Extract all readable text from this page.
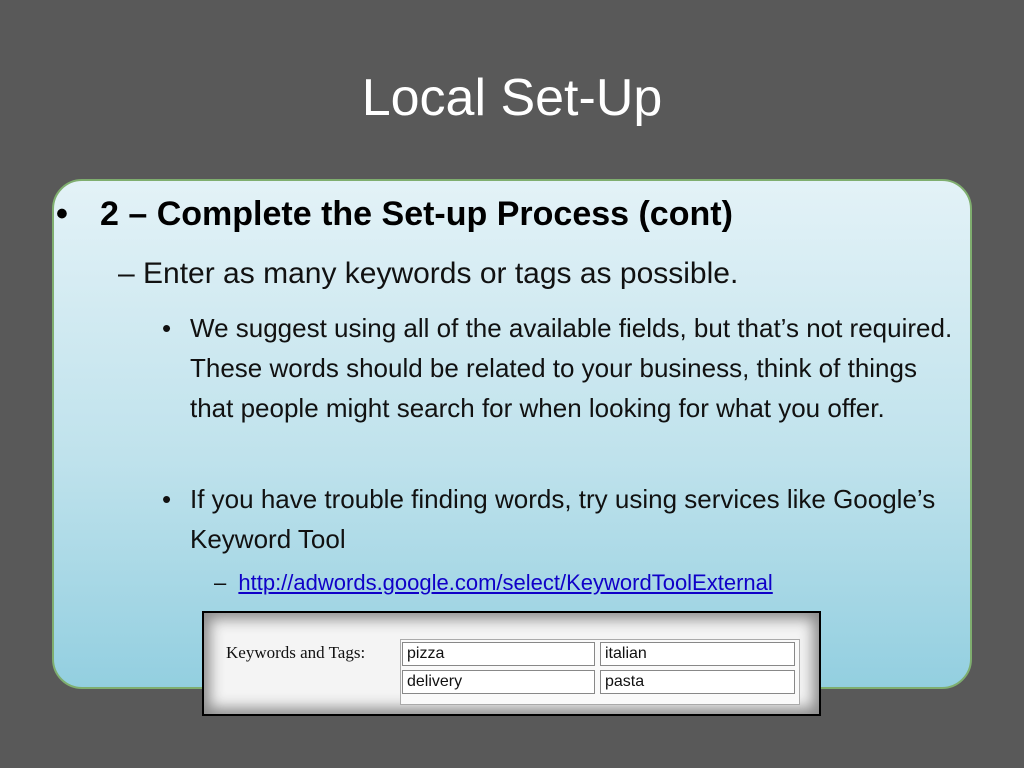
Local Set-Up
• 2 – Complete the Set-up Process (cont)
– Enter as many keywords or tags as possible.
• We suggest using all of the available fields, but that’s not required. These words should be related to your business, think of things that people might search for when looking for what you offer.
• If you have trouble finding words, try using services like Google’s Keyword Tool
– http://adwords.google.com/select/KeywordToolExternal
Keywords and Tags:	pizza	italian
delivery	pasta
